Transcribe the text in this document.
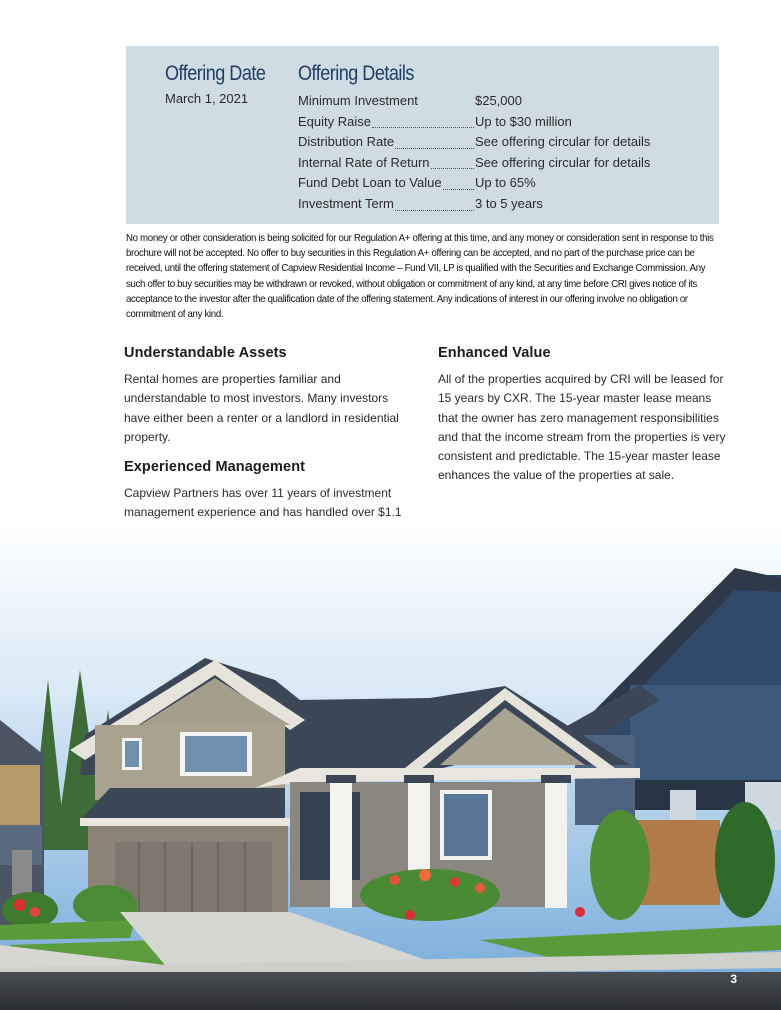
Offering Date
March 1, 2021
Offering Details
Minimum Investment	$25,000
Equity Raise	Up to $30 million
Distribution Rate	See offering circular for details
Internal Rate of Return	See offering circular for details
Fund Debt Loan to Value	Up to 65%
Investment Term	3 to 5 years
No money or other consideration is being solicited for our Regulation A+ offering at this time, and any money or consideration sent in response to this brochure will not be accepted. No offer to buy securities in this Regulation A+ offering can be accepted, and no part of the purchase price can be received, until the offering statement of Capview Residential Income – Fund VII, LP is qualified with the Securities and Exchange Commission. Any such offer to buy securities may be withdrawn or revoked, without obligation or commitment of any kind, at any time before CRI gives notice of its acceptance to the investor after the qualification date of the offering statement. Any indications of interest in our offering involve no obligation or commitment of any kind.
Understandable Assets

Rental homes are properties familiar and understandable to most investors. Many investors have either been a renter or a landlord in residential property.

Experienced Management

Capview Partners has over 11 years of investment management experience and has handled over $1.1

Enhanced Value

All of the properties acquired by CRI will be leased for 15 years by CXR. The 15-year master lease means that the owner has zero management responsibilities and that the income stream from the properties is very consistent and predictable. The 15-year master lease enhances the value of the properties at sale.

3
